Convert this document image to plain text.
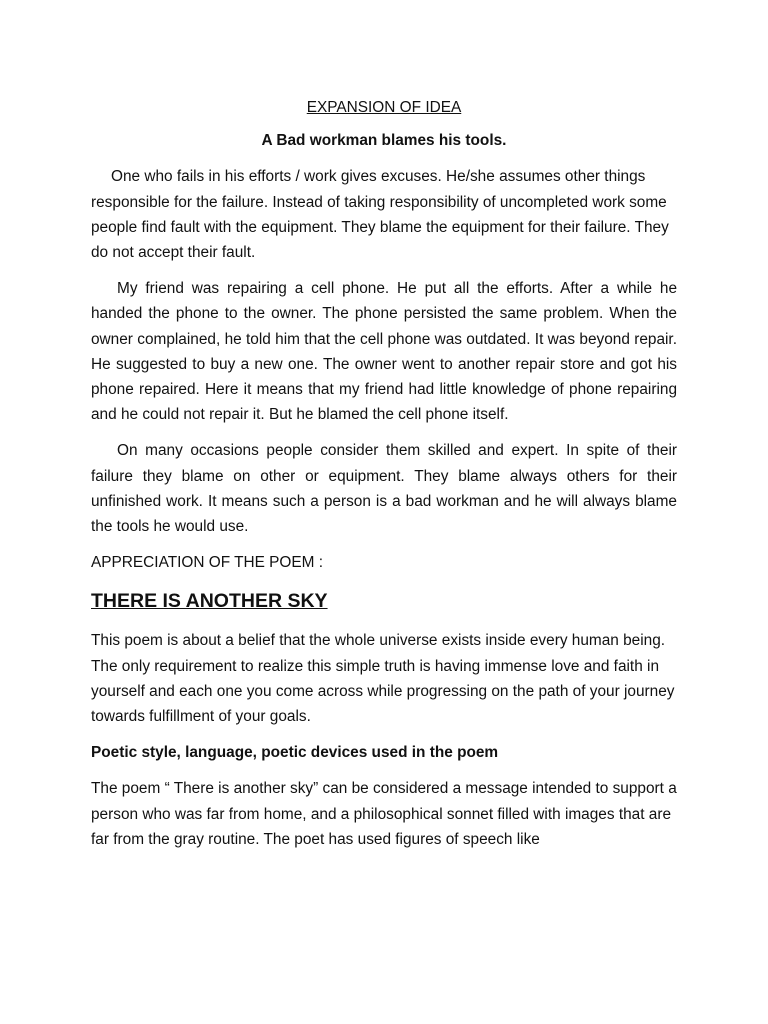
EXPANSION OF IDEA
A Bad workman blames his tools.

One who fails in his efforts / work gives excuses. He/she assumes other things responsible for the failure. Instead of taking responsibility of uncompleted work some people find fault with the equipment. They blame the equipment for their failure. They do not accept their fault.

My friend was repairing a cell phone. He put all the efforts. After a while he handed the phone to the owner. The phone persisted the same problem. When the owner complained, he told him that the cell phone was outdated. It was beyond repair. He suggested to buy a new one. The owner went to another repair store and got his phone repaired. Here it means that my friend had little knowledge of phone repairing and he could not repair it. But he blamed the cell phone itself.

On many occasions people consider them skilled and expert. In spite of their failure they blame on other or equipment. They blame always others for their unfinished work. It means such a person is a bad workman and he will always blame the tools he would use.

APPRECIATION OF THE POEM :
THERE IS ANOTHER SKY

This poem is about a belief that the whole universe exists inside every human being. The only requirement to realize this simple truth is having immense love and faith in yourself and each one you come across while progressing on the path of your journey towards fulfillment of your goals.

Poetic style, language, poetic devices used in the poem

The poem “ There is another sky” can be considered a message intended to support a person who was far from home, and a philosophical sonnet filled with images that are far from the gray routine. The poet has used figures of speech like
